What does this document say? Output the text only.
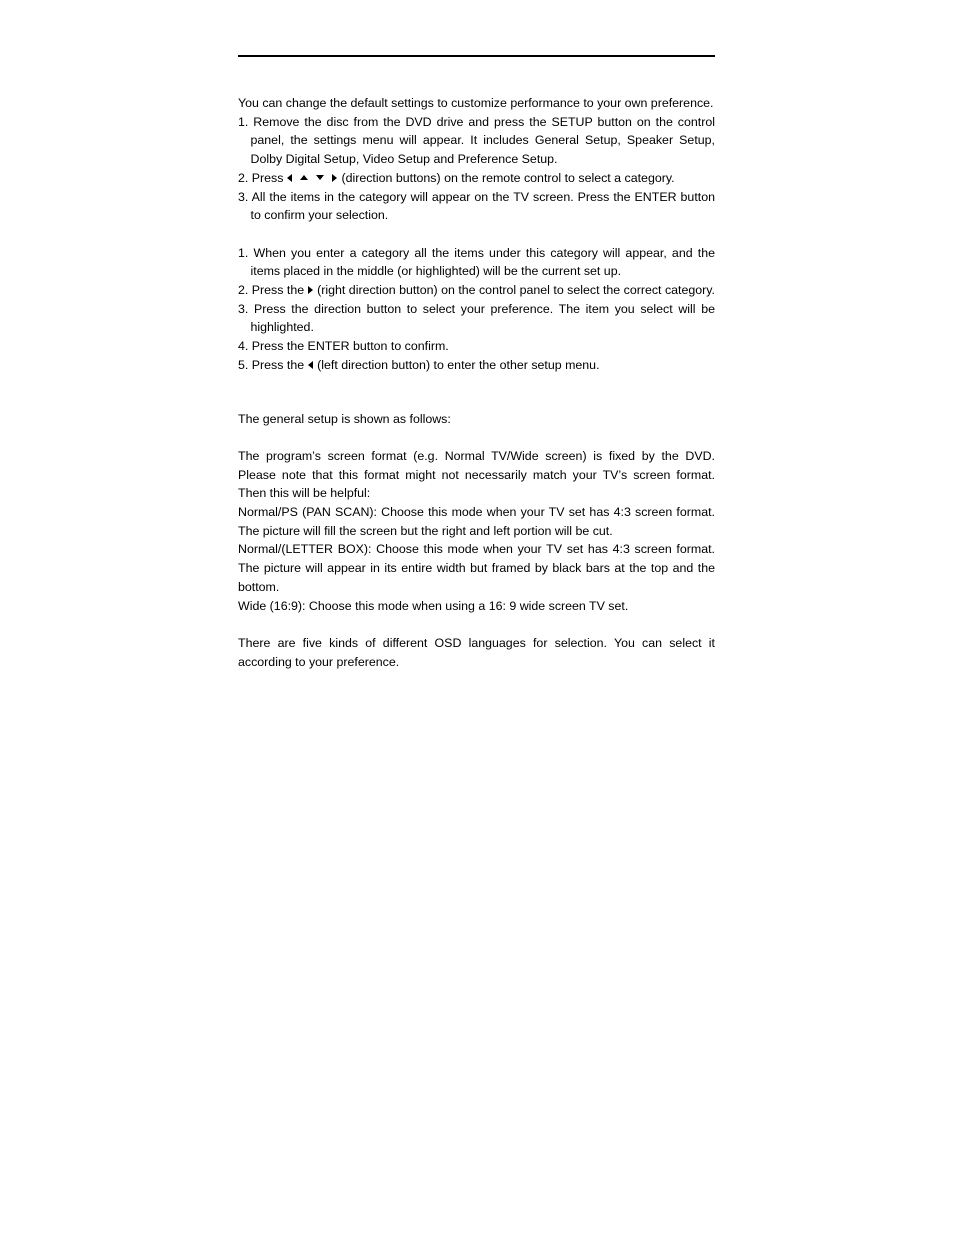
You can change the default settings to customize performance to your own preference.

1. Remove the disc from the DVD drive and press the SETUP button on the control panel, the settings menu will appear. It includes General Setup, Speaker Setup, Dolby Digital Setup, Video Setup and Preference Setup.

2. Press	(direction buttons) on the remote control to select a category.

3. All the items in the category will appear on the TV screen. Press the ENTER button to confirm your selection.

1. When you enter a category all the items under this category will appear, and the items placed in the middle (or highlighted) will be the current set up.

2. Press the (right direction button) on the control panel to select the correct category.

3. Press the direction button to select your preference. The item you select will be highlighted.

4. Press the ENTER button to confirm.

5. Press the (left direction button) to enter the other setup menu.

The general setup is shown as follows:

The program’s screen format (e.g. Normal TV/Wide screen) is fixed by the DVD. Please note that this format might not necessarily match your TV’s screen format. Then this will be helpful:

Normal/PS (PAN SCAN): Choose this mode when your TV set has 4:3 screen format. The picture will fill the screen but the right and left portion will be cut.

Normal/(LETTER BOX): Choose this mode when your TV set has 4:3 screen format. The picture will appear in its entire width but framed by black bars at the top and the bottom.

Wide (16:9): Choose this mode when using a 16: 9 wide screen TV set.

There are five kinds of different OSD languages for selection. You can select it according to your preference.
